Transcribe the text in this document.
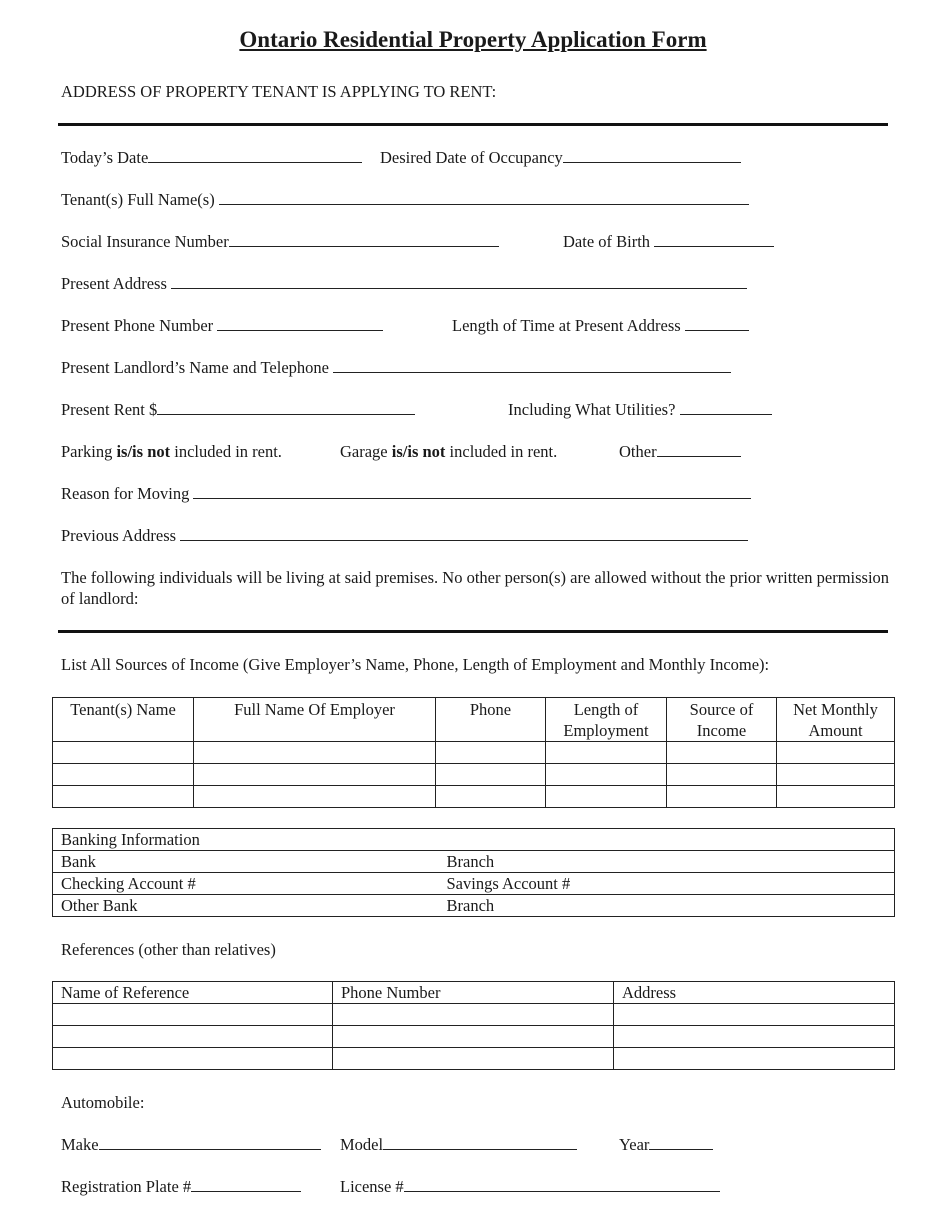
Ontario Residential Property Application Form
ADDRESS OF PROPERTY TENANT IS APPLYING TO RENT:
Today’s Date	Desired Date of Occupancy
Tenant(s) Full Name(s)
Social Insurance Number	Date of Birth
Present Address
Present Phone Number	Length of Time at Present Address
Present Landlord’s Name and Telephone
Present Rent $	Including What Utilities?
Parking is/is not included in rent.	Garage is/is not included in rent.	Other
Reason for Moving
Previous Address
The following individuals will be living at said premises. No other person(s) are allowed without the prior written permission of landlord:
List All Sources of Income (Give Employer’s Name, Phone, Length of Employment and Monthly Income):
Tenant(s) Name	Full Name Of Employer	Phone	Length of Employment	Source of Income	Net Monthly Amount

Banking Information	
Bank	Branch
Checking Account #	Savings Account #
Other Bank	Branch
References (other than relatives)
Name of Reference	Phone Number	Address

Automobile:
Make	Model	Year
Registration Plate #	License #
